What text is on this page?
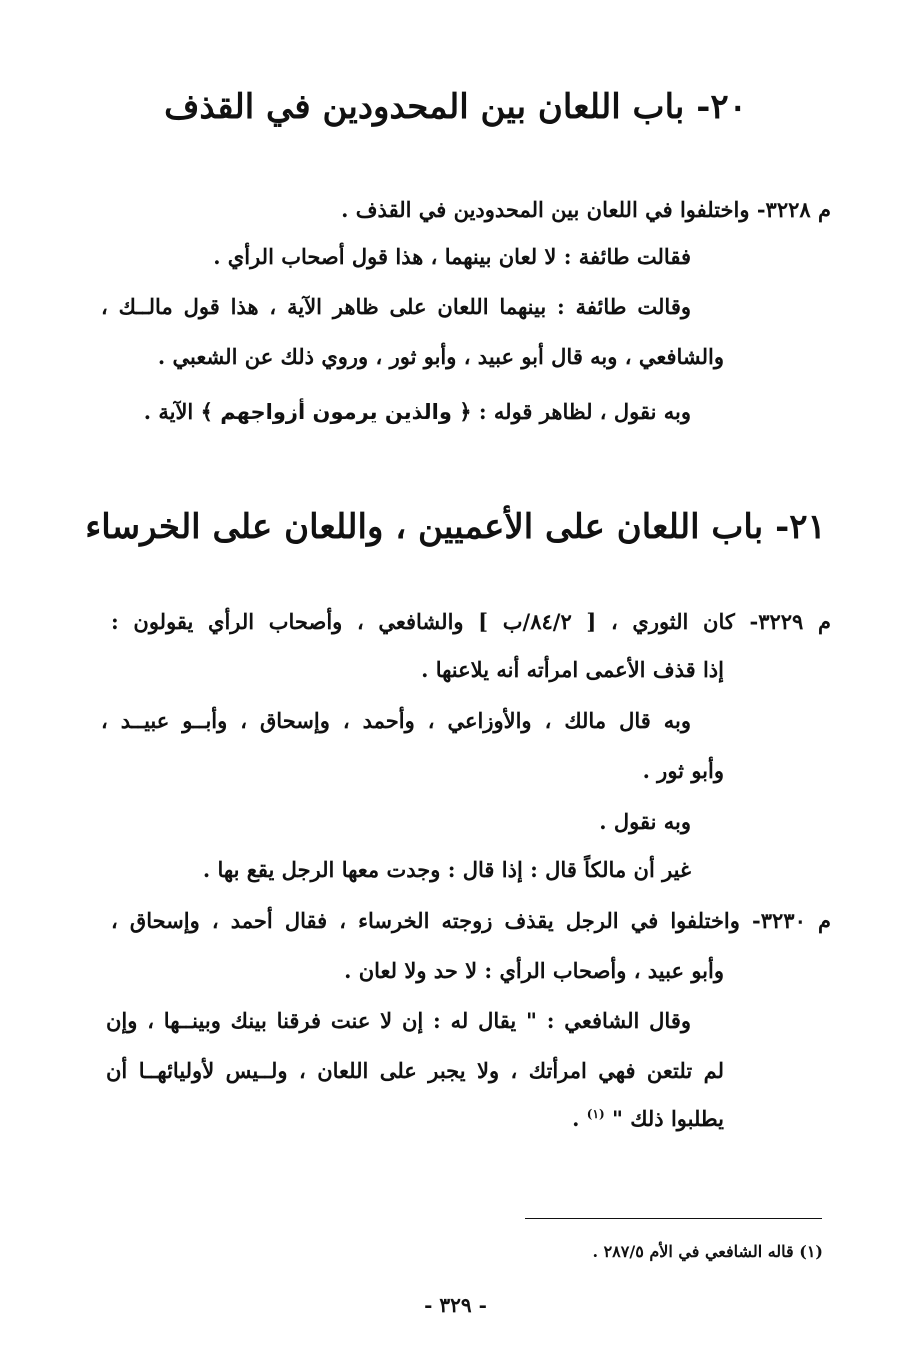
٢٠- باب اللعان بين المحدودين في القذف

م ٣٢٢٨- واختلفوا في اللعان بين المحدودين في القذف .

فقالت طائفة : لا لعان بينهما ، هذا قول أصحاب الرأي .

وقالت طائفة : بينهما اللعان على ظاهر الآية ، هذا قول مالــك ،

والشافعي ، وبه قال أبو عبيد ، وأبو ثور ، وروي ذلك عن الشعبي .

وبه نقول ، لظاهر قوله : ﴿ والذين يرمون أزواجهم ﴾ الآية .

٢١- باب اللعان على الأعميين ، واللعان على الخرساء

م ٣٢٢٩- كان الثوري ، [ ٨٤/٢/ب ] والشافعي ، وأصحاب الرأي يقولون :

إذا قذف الأعمى امرأته أنه يلاعنها .

وبه قال مالك ، والأوزاعي ، وأحمد ، وإسحاق ، وأبــو عبيــد ،

وأبو ثور .

وبه نقول .

غير أن مالكاً قال : إذا قال : وجدت معها الرجل يقع بها .

م ٣٢٣٠- واختلفوا في الرجل يقذف زوجته الخرساء ، فقال أحمد ، وإسحاق ،

وأبو عبيد ، وأصحاب الرأي : لا حد ولا لعان .

وقال الشافعي : " يقال له : إن لا عنت فرقنا بينك وبينــها ، وإن

لم تلتعن فهي امرأتك ، ولا يجبر على اللعان ، ولــيس لأوليائهــا أن

يطلبوا ذلك " $^{(١)}$ .

(١) قاله الشافعي في الأم ٢٨٧/٥ .

- ٣٢٩ -
